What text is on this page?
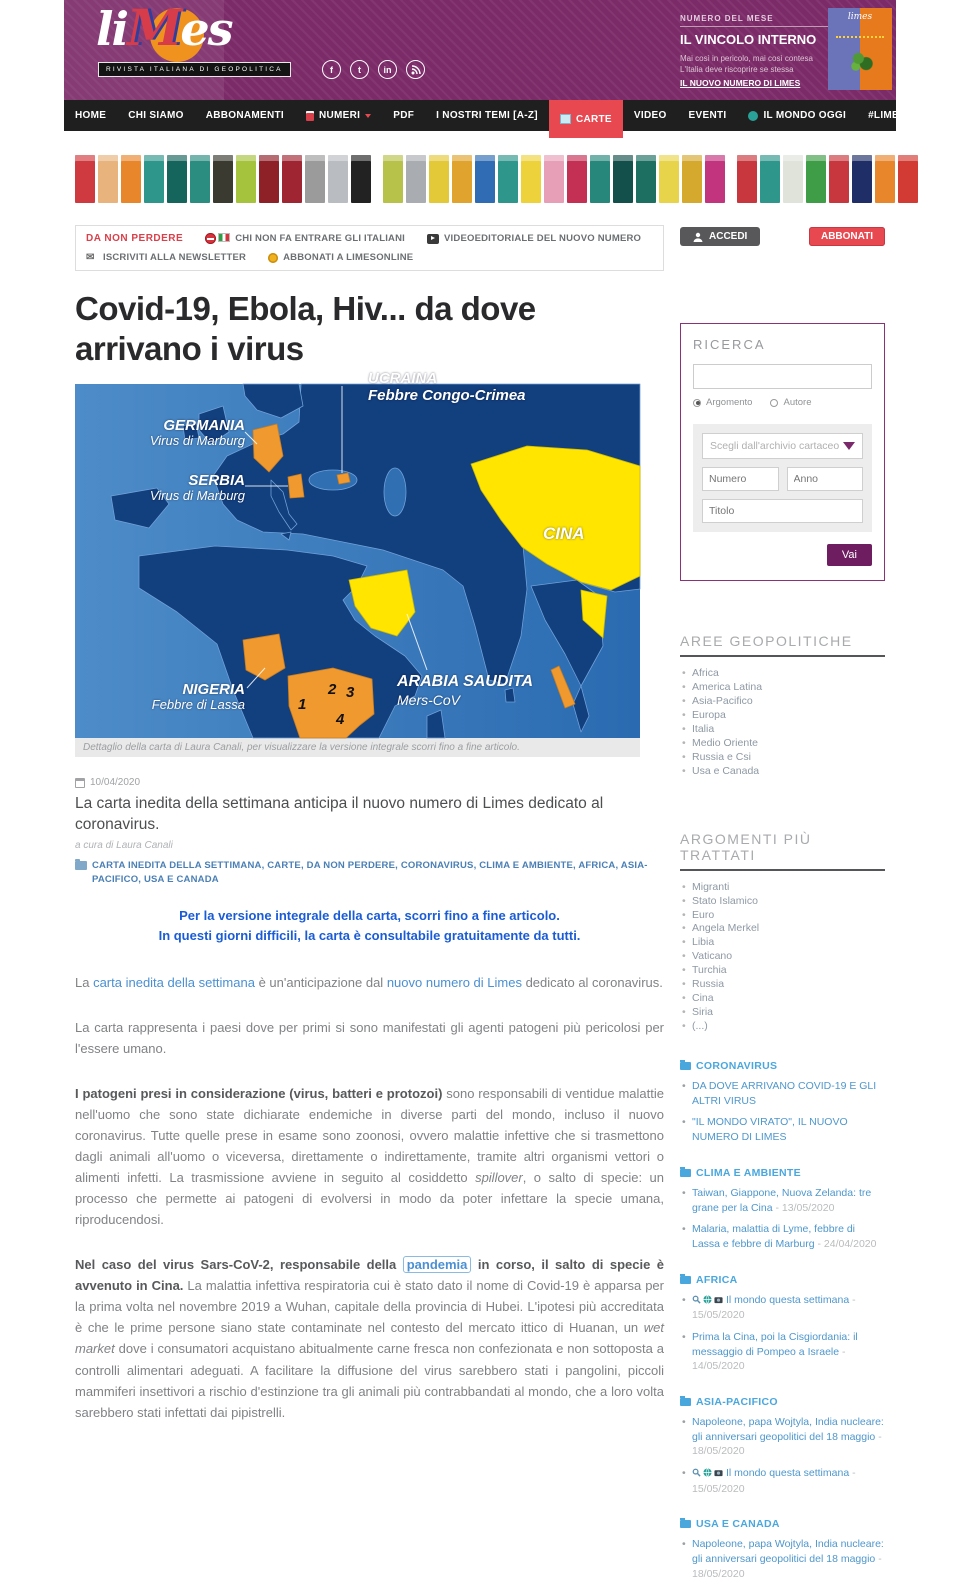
liMes
RIVISTA ITALIANA DI GEOPOLITICA	f	t	in
NUMERO DEL MESE
IL VINCOLO INTERNO
Mai così in pericolo, mai così contesa
L'Italia deve riscoprire se stessa
IL NUOVO NUMERO DI LIMES
limes
HOME CHI SIAMO ABBONAMENTI	NUMERI	PDF I NOSTRI TEMI [A-Z]	CARTE VIDEO EVENTI	IL MONDO OGGI #LIMESNERD
DA NON PERDERE	CHI NON FA ENTRARE GLI ITALIANI	VIDEOEDITORIALE DEL NUOVO NUMERO
✉ ISCRIVITI ALLA NEWSLETTER	ABBONATI A LIMESONLINE
ACCEDI	ABBONATI
Covid-19, Ebola, Hiv... da dove arrivano i virus
UCRAINA
Febbre Congo-Crimea
GERMANIA
Virus di Marburg
SERBIA
Virus di Marburg
CINA
ARABIA SAUDITA
Mers-CoV
NIGERIA
Febbre di Lassa	1
2 3
4
Dettaglio della carta di Laura Canali, per visualizzare la versione integrale scorri fino a fine articolo.
10/04/2020
La carta inedita della settimana anticipa il nuovo numero di Limes dedicato al coronavirus.
a cura di Laura Canali
CARTA INEDITA DELLA SETTIMANA, CARTE, DA NON PERDERE, CORONAVIRUS, CLIMA E AMBIENTE, AFRICA, ASIA-PACIFICO, USA E CANADA
Per la versione integrale della carta, scorri fino a fine articolo.
In questi giorni difficili, la carta è consultabile gratuitamente da tutti.

La carta inedita della settimana è un'anticipazione dal nuovo numero di Limes dedicato al coronavirus.

La carta rappresenta i paesi dove per primi si sono manifestati gli agenti patogeni più pericolosi per l'essere umano.

I patogeni presi in considerazione (virus, batteri e protozoi) sono responsabili di ventidue malattie nell'uomo che sono state dichiarate endemiche in diverse parti del mondo, incluso il nuovo coronavirus. Tutte quelle prese in esame sono zoonosi, ovvero malattie infettive che si trasmettono dagli animali all'uomo o viceversa, direttamente o indirettamente, tramite altri organismi vettori o alimenti infetti. La trasmissione avviene in seguito al cosiddetto spillover, o salto di specie: un processo che permette ai patogeni di evolversi in modo da poter infettare la specie umana, riproducendosi.

Nel caso del virus Sars-CoV-2, responsabile della pandemia in corso, il salto di specie è avvenuto in Cina. La malattia infettiva respiratoria cui è stato dato il nome di Covid-19 è apparsa per la prima volta nel novembre 2019 a Wuhan, capitale della provincia di Hubei. L'ipotesi più accreditata è che le prime persone siano state contaminate nel contesto del mercato ittico di Huanan, un wet market dove i consumatori acquistano abitualmente carne fresca non confezionata e non sottoposta a controlli alimentari adeguati. A facilitare la diffusione del virus sarebbero stati i pangolini, piccoli mammiferi insettivori a rischio d'estinzione tra gli animali più contrabbandati al mondo, che a loro volta sarebbero stati infettati dai pipistrelli.

RICERCA
Argomento	Autore
Scegli dall'archivio cartaceo
Numero
Anno
Titolo
Vai
AREE GEOPOLITICHE
• Africa
• America Latina
• Asia-Pacifico
• Europa
• Italia
• Medio Oriente
• Russia e Csi
• Usa e Canada
ARGOMENTI PIÙ TRATTATI
• Migranti
• Stato Islamico
• Euro
• Angela Merkel
• Libia
• Vaticano
• Turchia
• Russia
• Cina
• Siria
• (...)
CORONAVIRUS
• DA DOVE ARRIVANO COVID-19 E GLI ALTRI VIRUS
• "IL MONDO VIRATO", IL NUOVO NUMERO DI LIMES
CLIMA E AMBIENTE
• Taiwan, Giappone, Nuova Zelanda: tre grane per la Cina - 13/05/2020
• Malaria, malattia di Lyme, febbre di Lassa e febbre di Marburg - 24/04/2020
AFRICA
• Il mondo questa settimana - 15/05/2020
• Prima la Cina, poi la Cisgiordania: il messaggio di Pompeo a Israele - 14/05/2020
ASIA-PACIFICO
• Napoleone, papa Wojtyla, India nucleare: gli anniversari geopolitici del 18 maggio - 18/05/2020
• Il mondo questa settimana - 15/05/2020
USA E CANADA
• Napoleone, papa Wojtyla, India nucleare: gli anniversari geopolitici del 18 maggio - 18/05/2020
